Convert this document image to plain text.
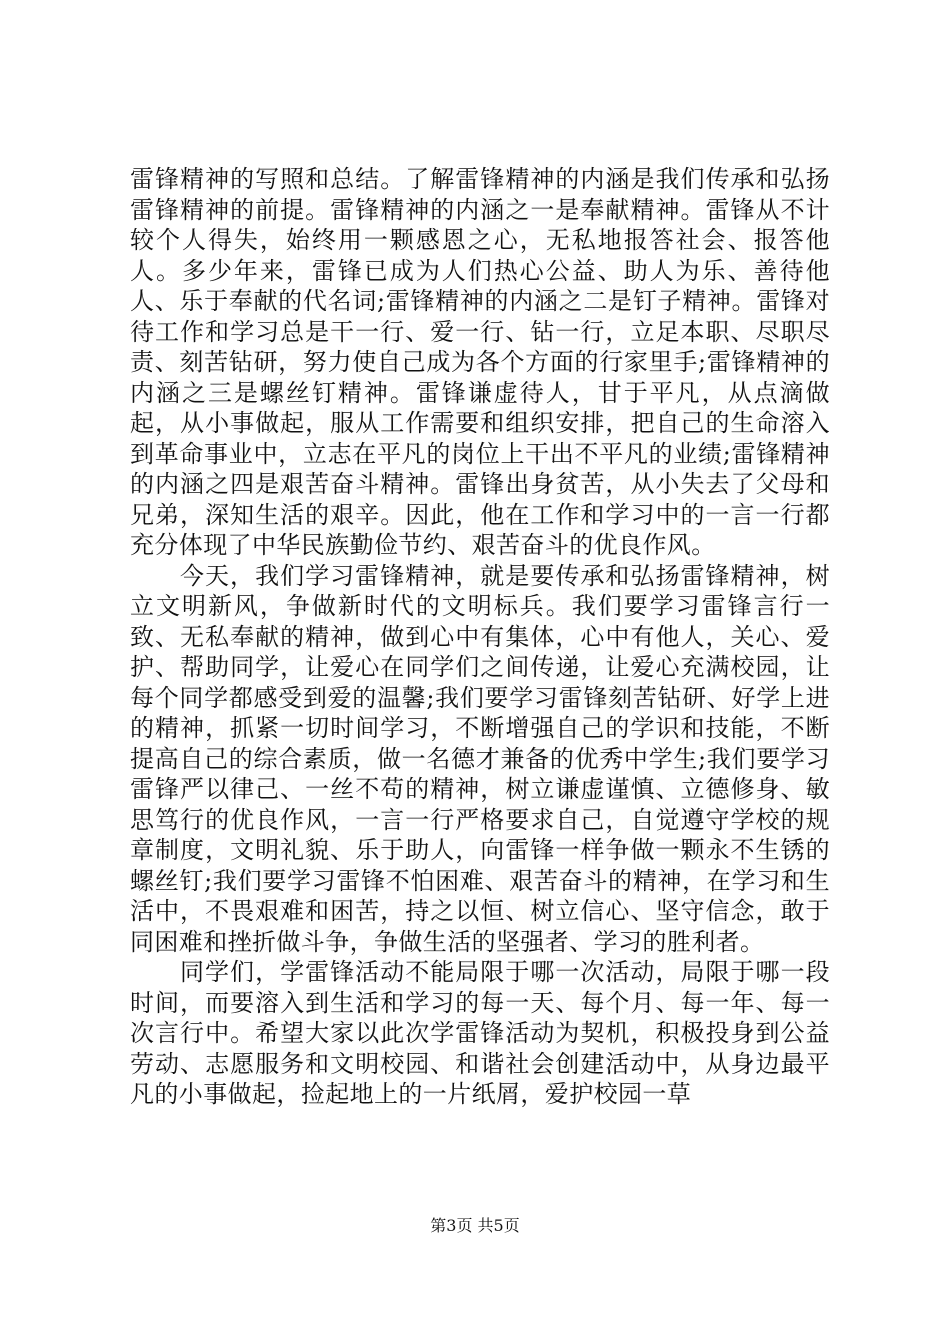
雷锋精神的写照和总结。了解雷锋精神的内涵是我们传承和弘扬雷锋精神的前提。雷锋精神的内涵之一是奉献精神。雷锋从不计较个人得失，始终用一颗感恩之心，无私地报答社会、报答他人。多少年来，雷锋已成为人们热心公益、助人为乐、善待他人、乐于奉献的代名词;雷锋精神的内涵之二是钉子精神。雷锋对待工作和学习总是干一行、爱一行、钻一行，立足本职、尽职尽责、刻苦钻研，努力使自己成为各个方面的行家里手;雷锋精神的内涵之三是螺丝钉精神。雷锋谦虚待人，甘于平凡，从点滴做起，从小事做起，服从工作需要和组织安排，把自己的生命溶入到革命事业中，立志在平凡的岗位上干出不平凡的业绩;雷锋精神的内涵之四是艰苦奋斗精神。雷锋出身贫苦，从小失去了父母和兄弟，深知生活的艰辛。因此，他在工作和学习中的一言一行都充分体现了中华民族勤俭节约、艰苦奋斗的优良作风。

今天，我们学习雷锋精神，就是要传承和弘扬雷锋精神，树立文明新风，争做新时代的文明标兵。我们要学习雷锋言行一致、无私奉献的精神，做到心中有集体，心中有他人，关心、爱护、帮助同学，让爱心在同学们之间传递，让爱心充满校园，让每个同学都感受到爱的温馨;我们要学习雷锋刻苦钻研、好学上进的精神，抓紧一切时间学习，不断增强自己的学识和技能，不断提高自己的综合素质，做一名德才兼备的优秀中学生;我们要学习雷锋严以律己、一丝不苟的精神，树立谦虚谨慎、立德修身、敏思笃行的优良作风，一言一行严格要求自己，自觉遵守学校的规章制度，文明礼貌、乐于助人，向雷锋一样争做一颗永不生锈的螺丝钉;我们要学习雷锋不怕困难、艰苦奋斗的精神，在学习和生活中，不畏艰难和困苦，持之以恒、树立信心、坚守信念，敢于同困难和挫折做斗争，争做生活的坚强者、学习的胜利者。

同学们，学雷锋活动不能局限于哪一次活动，局限于哪一段时间，而要溶入到生活和学习的每一天、每个月、每一年、每一次言行中。希望大家以此次学雷锋活动为契机，积极投身到公益劳动、志愿服务和文明校园、和谐社会创建活动中，从身边最平凡的小事做起，捡起地上的一片纸屑，爱护校园一草

第3页 共5页
